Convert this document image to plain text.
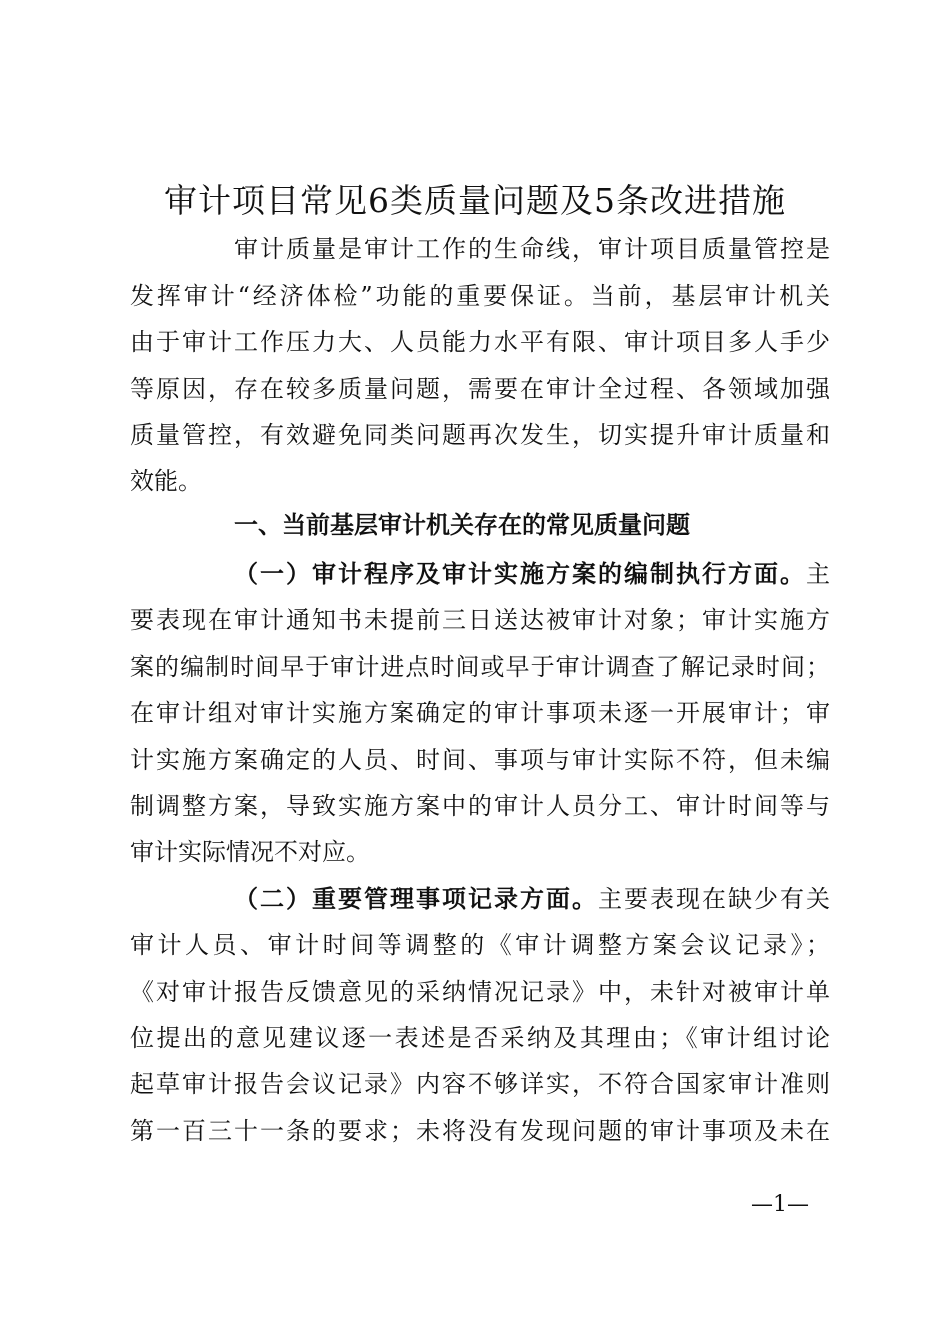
审计项目常见6类质量问题及5条改进措施
审计质量是审计工作的生命线，审计项目质量管控是
发挥审计“经济体检”功能的重要保证。当前，基层审计机关
由于审计工作压力大、人员能力水平有限、审计项目多人手少
等原因，存在较多质量问题，需要在审计全过程、各领域加强
质量管控，有效避免同类问题再次发生，切实提升审计质量和
效能。
一、当前基层审计机关存在的常见质量问题
（一）审计程序及审计实施方案的编制执行方面。主
要表现在审计通知书未提前三日送达被审计对象；审计实施方
案的编制时间早于审计进点时间或早于审计调查了解记录时间；
在审计组对审计实施方案确定的审计事项未逐一开展审计；审
计实施方案确定的人员、时间、事项与审计实际不符，但未编
制调整方案，导致实施方案中的审计人员分工、审计时间等与
审计实际情况不对应。
（二）重要管理事项记录方面。主要表现在缺少有关
审计人员、审计时间等调整的《审计调整方案会议记录》；
《对审计报告反馈意见的采纳情况记录》中，未针对被审计单
位提出的意见建议逐一表述是否采纳及其理由；《审计组讨论
起草审计报告会议记录》内容不够详实，不符合国家审计准则
第一百三十一条的要求；未将没有发现问题的审计事项及未在
—1—
